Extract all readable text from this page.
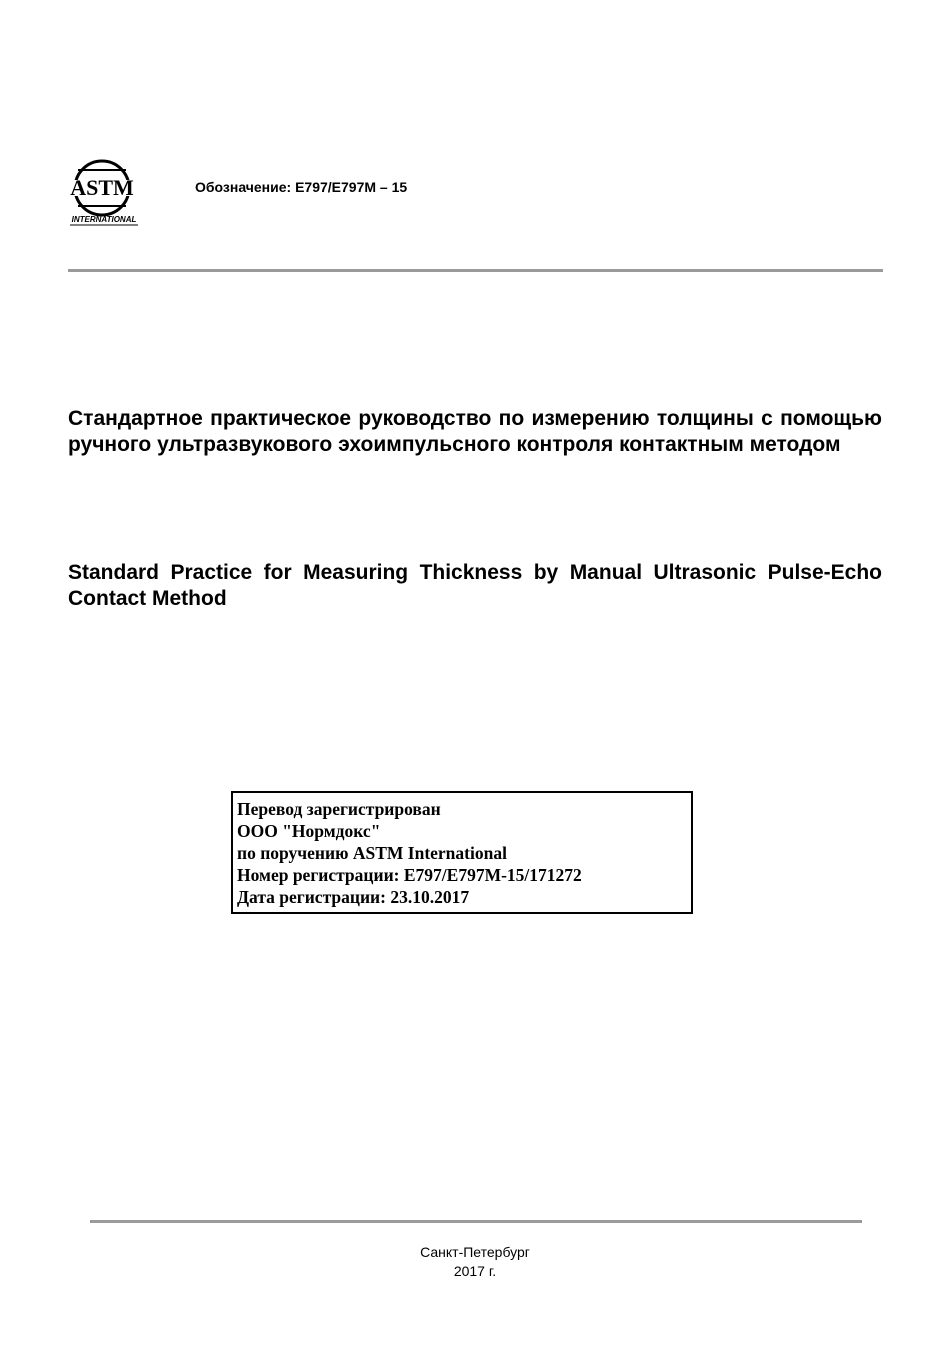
ASTM
INTERNATIONAL
Обозначение: E797/E797M – 15
Стандартное практическое руководство по измерению толщины с помощью ручного ультразвукового эхоимпульсного контроля контактным методом
Standard Practice for Measuring Thickness by Manual Ultrasonic Pulse-Echo Contact Method
Перевод зарегистрирован
ООО "Нормдокс"
по поручению ASTM International
Номер регистрации: E797/E797M-15/171272
Дата регистрации: 23.10.2017
Санкт-Петербург
2017 г.
